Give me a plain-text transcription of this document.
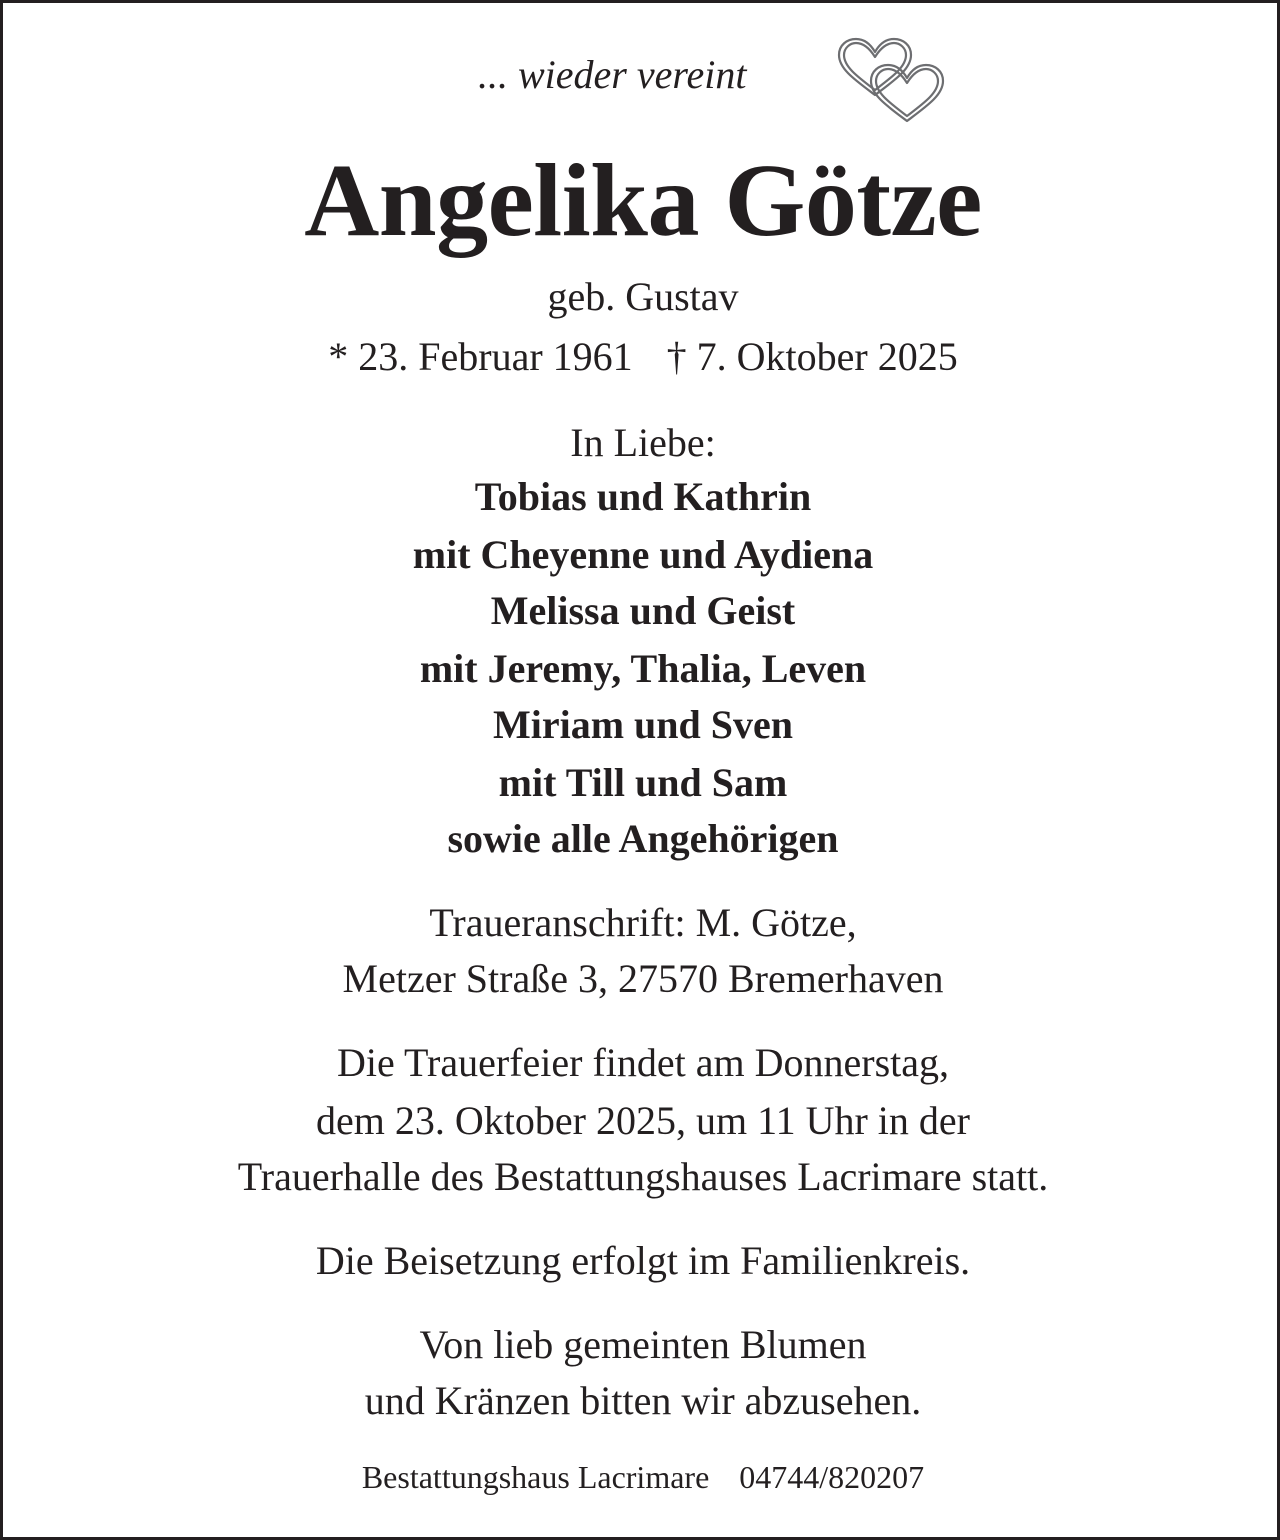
... wieder vereint

Angelika Götze

geb. Gustav

* 23. Februar 1961 † 7. Oktober 2025

In Liebe:

Tobias und Kathrin

mit Cheyenne und Aydiena

Melissa und Geist

mit Jeremy, Thalia, Leven

Miriam und Sven

mit Till und Sam

sowie alle Angehörigen

Traueranschrift: M. Götze,

Metzer Straße 3, 27570 Bremerhaven

Die Trauerfeier findet am Donnerstag,

dem 23. Oktober 2025, um 11 Uhr in der

Trauerhalle des Bestattungshauses Lacrimare statt.

Die Beisetzung erfolgt im Familienkreis.

Von lieb gemeinten Blumen

und Kränzen bitten wir abzusehen.

Bestattungshaus Lacrimare 04744/820207
